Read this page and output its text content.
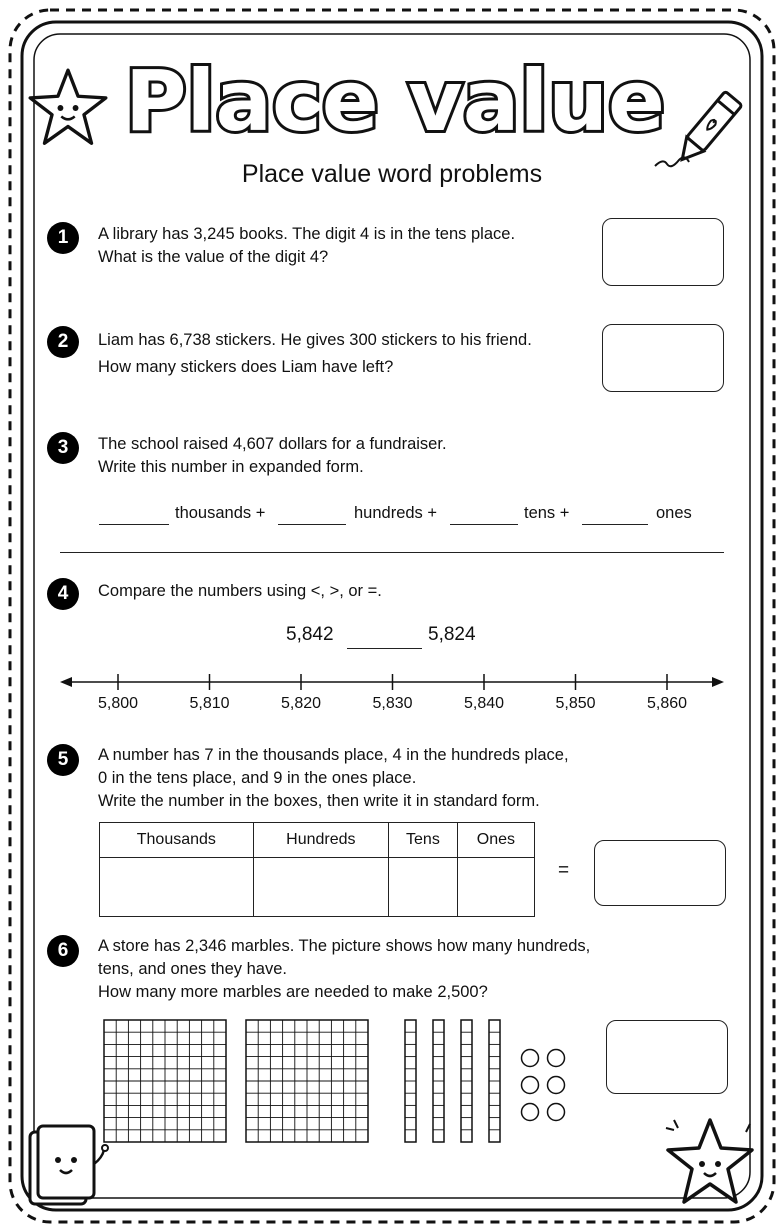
Place value
Place value word problems
1	A library has 3,245 books. The digit 4 is in the tens place.
What is the value of the digit 4?
2	Liam has 6,738 stickers. He gives 300 stickers to his friend.
How many stickers does Liam have left?
3	The school raised 4,607 dollars for a fundraiser.
Write this number in expanded form.
thousands +	hundreds +	tens +	ones
4	Compare the numbers using <, >, or =.
5,842	5,824
5,800	5,810	5,820	5,830	5,840	5,850	5,860
5	A number has 7 in the thousands place, 4 in the hundreds place,
0 in the tens place, and 9 in the ones place.
Write the number in the boxes, then write it in standard form.
Thousands	Hundreds	Tens	Ones

=
6	A store has 2,346 marbles. The picture shows how many hundreds,
tens, and ones they have.
How many more marbles are needed to make 2,500?
